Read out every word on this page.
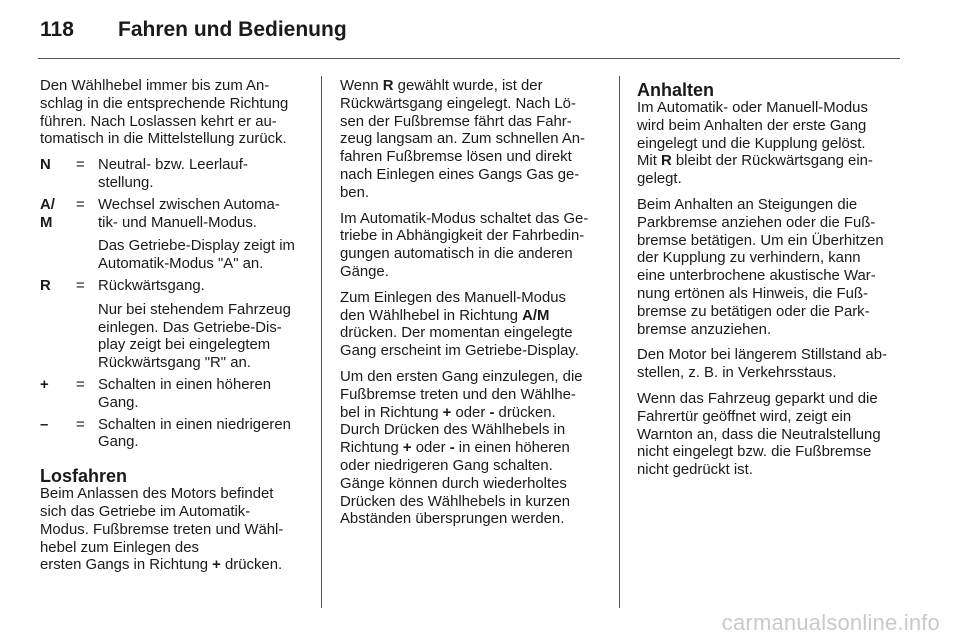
118 Fahren und Bedienung

Den Wählhebel immer bis zum An-
schlag in die entsprechende Richtung
führen. Nach Loslassen kehrt er au-
tomatisch in die Mittelstellung zurück.

N = Neutral- bzw. Leerlauf-
stellung.
A/
M
= Wechsel zwischen Automa-
tik- und Manuell-Modus.
Das Getriebe-Display zeigt im
Automatik-Modus "A" an.
R = Rückwärtsgang.
Nur bei stehendem Fahrzeug
einlegen. Das Getriebe-Dis-
play zeigt bei eingelegtem
Rückwärtsgang "R" an.
+ = Schalten in einen höheren
Gang.
– = Schalten in einen niedrigeren
Gang.
Losfahren

Beim Anlassen des Motors befindet
sich das Getriebe im Automatik-
Modus. Fußbremse treten und Wähl-
hebel zum Einlegen des
ersten Gangs in Richtung + drücken.

Wenn R gewählt wurde, ist der
Rückwärtsgang eingelegt. Nach Lö-
sen der Fußbremse fährt das Fahr-
zeug langsam an. Zum schnellen An-
fahren Fußbremse lösen und direkt
nach Einlegen eines Gangs Gas ge-
ben.

Im Automatik-Modus schaltet das Ge-
triebe in Abhängigkeit der Fahrbedin-
gungen automatisch in die anderen
Gänge.

Zum Einlegen des Manuell-Modus
den Wählhebel in Richtung A/M
drücken. Der momentan eingelegte
Gang erscheint im Getriebe-Display.

Um den ersten Gang einzulegen, die
Fußbremse treten und den Wählhe-
bel in Richtung + oder - drücken.
Durch Drücken des Wählhebels in
Richtung + oder - in einen höheren
oder niedrigeren Gang schalten.
Gänge können durch wiederholtes
Drücken des Wählhebels in kurzen
Abständen übersprungen werden.

Anhalten

Im Automatik- oder Manuell-Modus
wird beim Anhalten der erste Gang
eingelegt und die Kupplung gelöst.
Mit R bleibt der Rückwärtsgang ein-
gelegt.

Beim Anhalten an Steigungen die
Parkbremse anziehen oder die Fuß-
bremse betätigen. Um ein Überhitzen
der Kupplung zu verhindern, kann
eine unterbrochene akustische War-
nung ertönen als Hinweis, die Fuß-
bremse zu betätigen oder die Park-
bremse anzuziehen.

Den Motor bei längerem Stillstand ab-
stellen, z. B. in Verkehrsstaus.

Wenn das Fahrzeug geparkt und die
Fahrertür geöffnet wird, zeigt ein
Warnton an, dass die Neutralstellung
nicht eingelegt bzw. die Fußbremse
nicht gedrückt ist.

carmanualsonline.info
